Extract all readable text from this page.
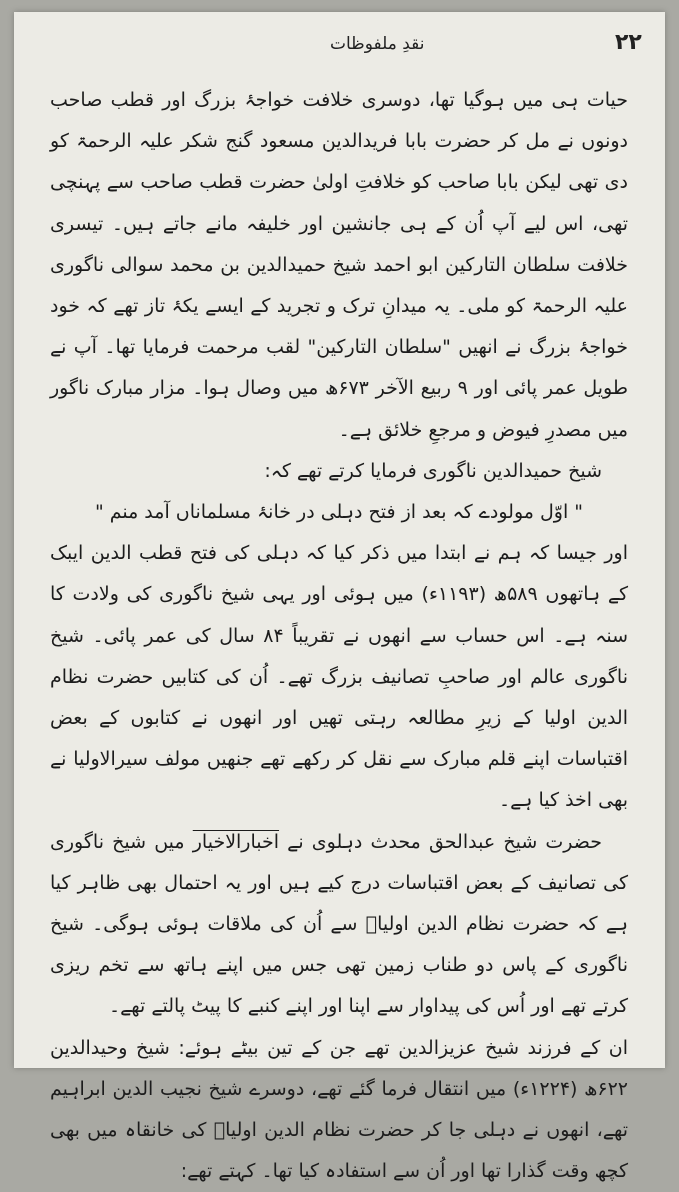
نقدِ ملفوظات	٢٢

حیات ہی میں ہوگیا تھا، دوسری خلافت خواجۂ بزرگ اور قطب صاحب دونوں نے مل کر حضرت بابا فریدالدین مسعود گنج شکر علیہ الرحمۃ کو دی تھی لیکن بابا صاحب کو خلافتِ اولیٰ حضرت قطب صاحب سے پہنچی تھی، اس لیے آپ اُن کے ہی جانشین اور خلیفہ مانے جاتے ہیں۔ تیسری خلافت سلطان التارکین ابو احمد شیخ حمیدالدین بن محمد سوالی ناگوری علیہ الرحمۃ کو ملی۔ یہ میدانِ ترک و تجرید کے ایسے یکۂ تاز تھے کہ خود خواجۂ بزرگ نے انھیں "سلطان التارکین" لقب مرحمت فرمایا تھا۔ آپ نے طویل عمر پائی اور ۹ ربیع الآخر ۶۷۳ھ میں وصال ہوا۔ مزار مبارک ناگور میں مصدرِ فیوض و مرجعِ خلائق ہے۔

شیخ حمیدالدین ناگوری فرمایا کرتے تھے کہ:

" اوّل مولودے کہ بعد از فتح دہلی در خانۂ مسلماناں آمد منم "

اور جیسا کہ ہم نے ابتدا میں ذکر کیا کہ دہلی کی فتح قطب الدین ایبک کے ہاتھوں ۵۸۹ھ (۱۱۹۳ء) میں ہوئی اور یہی شیخ ناگوری کی ولادت کا سنہ ہے۔ اس حساب سے انھوں نے تقریباً ۸۴ سال کی عمر پائی۔ شیخ ناگوری عالم اور صاحبِ تصانیف بزرگ تھے۔ اُن کی کتابیں حضرت نظام الدین اولیا کے زیرِ مطالعہ رہتی تھیں اور انھوں نے کتابوں کے بعض اقتباسات اپنے قلم مبارک سے نقل کر رکھے تھے جنھیں مولف سیرالاولیا نے بھی اخذ کیا ہے۔

حضرت شیخ عبدالحق محدث دہلوی نے اخبارالاخیار میں شیخ ناگوری کی تصانیف کے بعض اقتباسات درج کیے ہیں اور یہ احتمال بھی ظاہر کیا ہے کہ حضرت نظام الدین اولیاؒ سے اُن کی ملاقات ہوئی ہوگی۔ شیخ ناگوری کے پاس دو طناب زمین تھی جس میں اپنے ہاتھ سے تخم ریزی کرتے تھے اور اُس کی پیداوار سے اپنا اور اپنے کنبے کا پیٹ پالتے تھے۔

ان کے فرزند شیخ عزیزالدین تھے جن کے تین بیٹے ہوئے: شیخ وحیدالدین ۶۲۲ھ (۱۲۲۴ء) میں انتقال فرما گئے تھے، دوسرے شیخ نجیب الدین ابراہیم تھے، انھوں نے دہلی جا کر حضرت نظام الدین اولیاؒ کی خانقاہ میں بھی کچھ وقت گذارا تھا اور اُن سے استفادہ کیا تھا۔ کہتے تھے:
